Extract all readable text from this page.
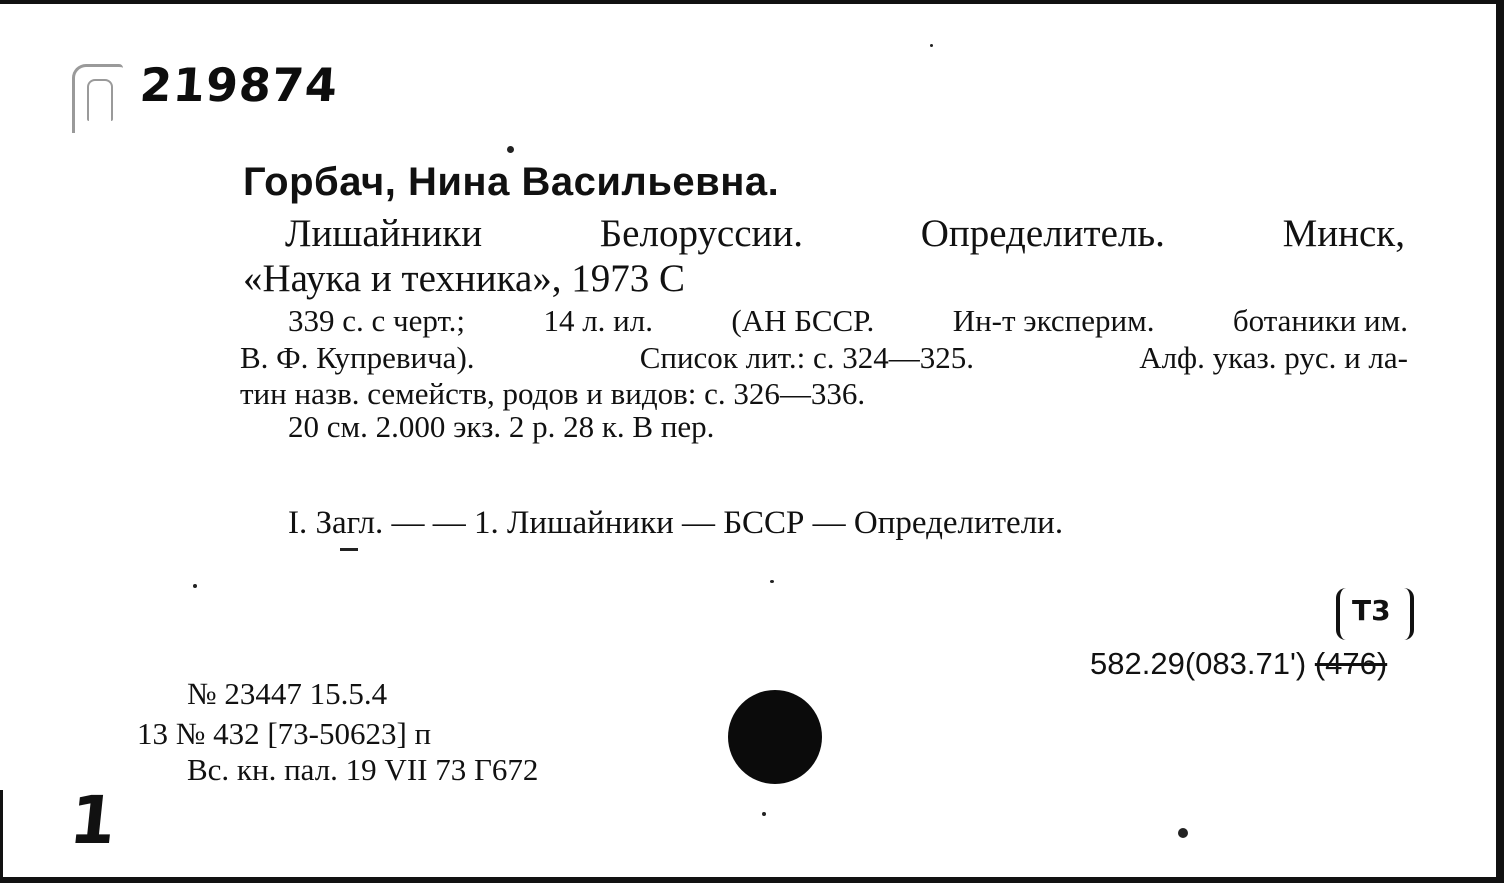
219874
Горбач, Нина Васильевна.
Лишайники	Белоруссии.	Определитель.	Минск,
«Наука и техника», 1973 С
339 с. с черт.;	14 л. ил.	(АН БССР.	Ин-т эксперим.	ботаники им.
В. Ф. Купревича).	Список лит.: с. 324—325.	Алф. указ. рус. и ла-
тин назв. семейств, родов и видов: с. 326—336.
20 см. 2.000 экз. 2 р. 28 к. В пер.
I. Загл. — — 1. Лишайники — БССР — Определители.
Т3
582.29(083.71') (476)
№ 23447 15.5.4
13 № 432 [73-50623] п
Вс. кн. пал. 19 VII 73 Г672
1
